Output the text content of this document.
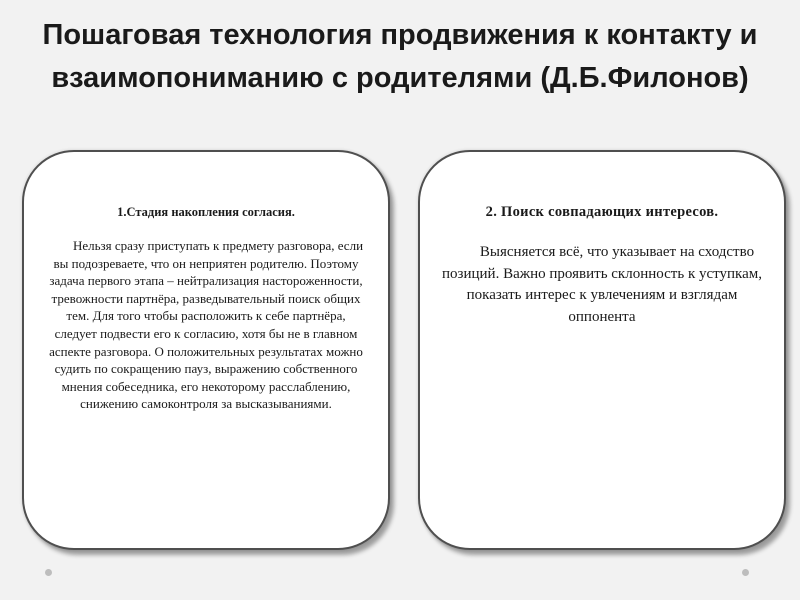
Пошаговая технология продвижения к контакту и взаимопониманию с родителями (Д.Б.Филонов)
1.Стадия накопления согласия.
Нельзя сразу приступать к предмету разговора, если вы подозреваете, что он неприятен родителю. Поэтому задача первого этапа – нейтрализация настороженности, тревожности партнёра, разведывательный поиск общих тем. Для того чтобы расположить к себе партнёра, следует подвести его к согласию, хотя бы не в главном аспекте разговора. О положительных результатах можно судить по сокращению пауз, выражению собственного мнения собеседника, его некоторому расслаблению, снижению самоконтроля за высказываниями.
2. Поиск совпадающих интересов.
Выясняется всё, что указывает на сходство позиций. Важно проявить склонность к уступкам, показать интерес к увлечениям и взглядам оппонента
